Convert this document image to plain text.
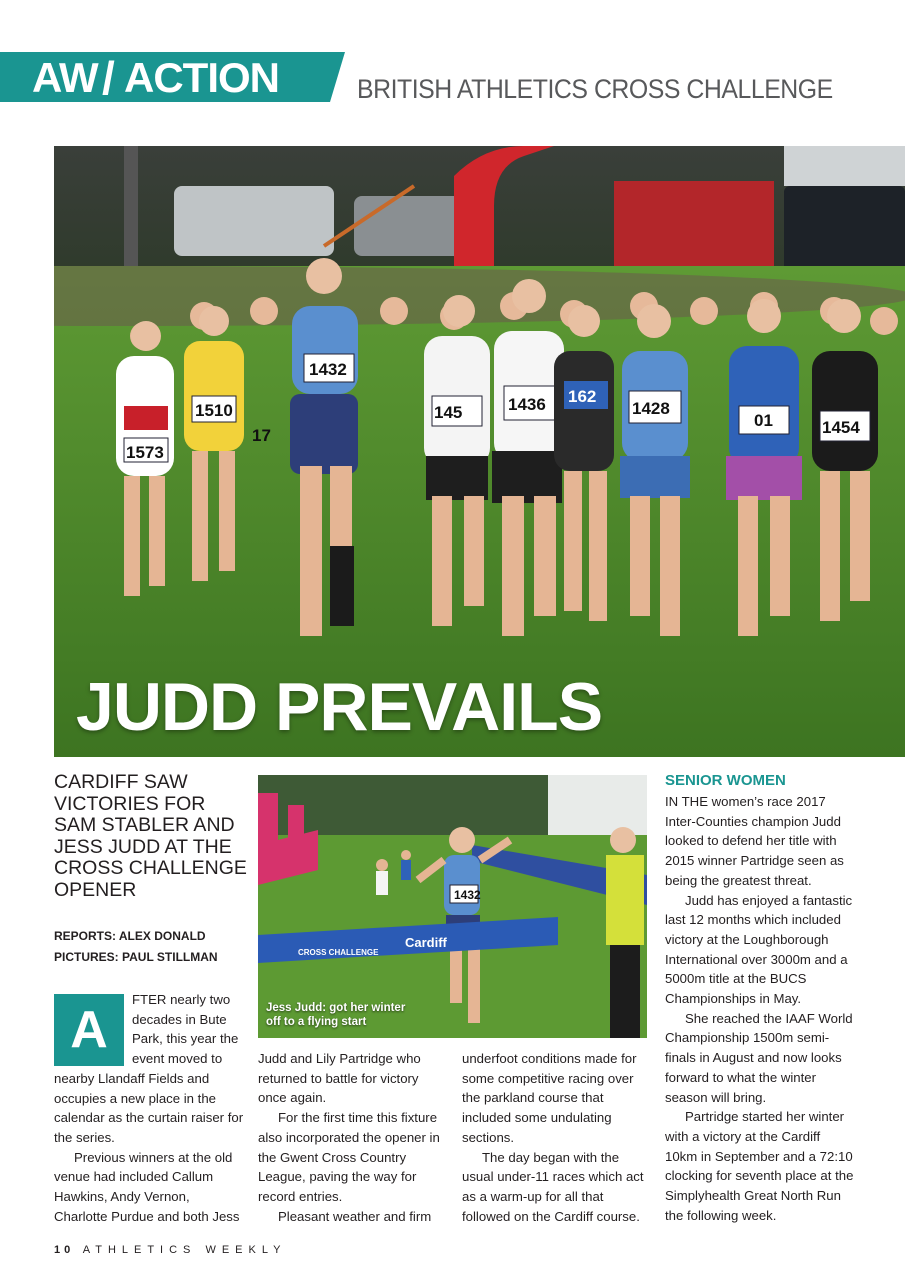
AW / ACTION	BRITISH ATHLETICS CROSS CHALLENGE
1432
1573
1510	145	1436	1428
1454
162
17
01
JUDD PREVAILS
CARDIFF SAW VICTORIES FOR SAM STABLER AND JESS JUDD AT THE CROSS CHALLENGE OPENER
REPORTS: ALEX DONALD
PICTURES: PAUL STILLMAN
1432
CROSS CHALLENGE
Cardiff
Jess Judd: got her winter off to a flying start
A

FTER nearly two decades in Bute Park, this year the event moved to nearby Llandaff Fields and occupies a new place in the calendar as the curtain raiser for the series.

Previous winners at the old venue had included Callum Hawkins, Andy Vernon, Charlotte Purdue and both Jess

Judd and Lily Partridge who returned to battle for victory once again.

For the first time this fixture also incorporated the opener in the Gwent Cross Country League, paving the way for record entries.

Pleasant weather and firm

underfoot conditions made for some competitive racing over the parkland course that included some undulating sections.

The day began with the usual under-11 races which act as a warm-up for all that followed on the Cardiff course.

SENIOR WOMEN

IN THE women’s race 2017 Inter-Counties champion Judd looked to defend her title with 2015 winner Partridge seen as being the greatest threat.

Judd has enjoyed a fantastic last 12 months which included victory at the Loughborough International over 3000m and a 5000m title at the BUCS Championships in May.

She reached the IAAF World Championship 1500m semi-finals in August and now looks forward to what the winter season will bring.

Partridge started her winter with a victory at the Cardiff 10km in September and a 72:10 clocking for seventh place at the Simplyhealth Great North Run the following week.

10 ATHLETICS WEEKLY
